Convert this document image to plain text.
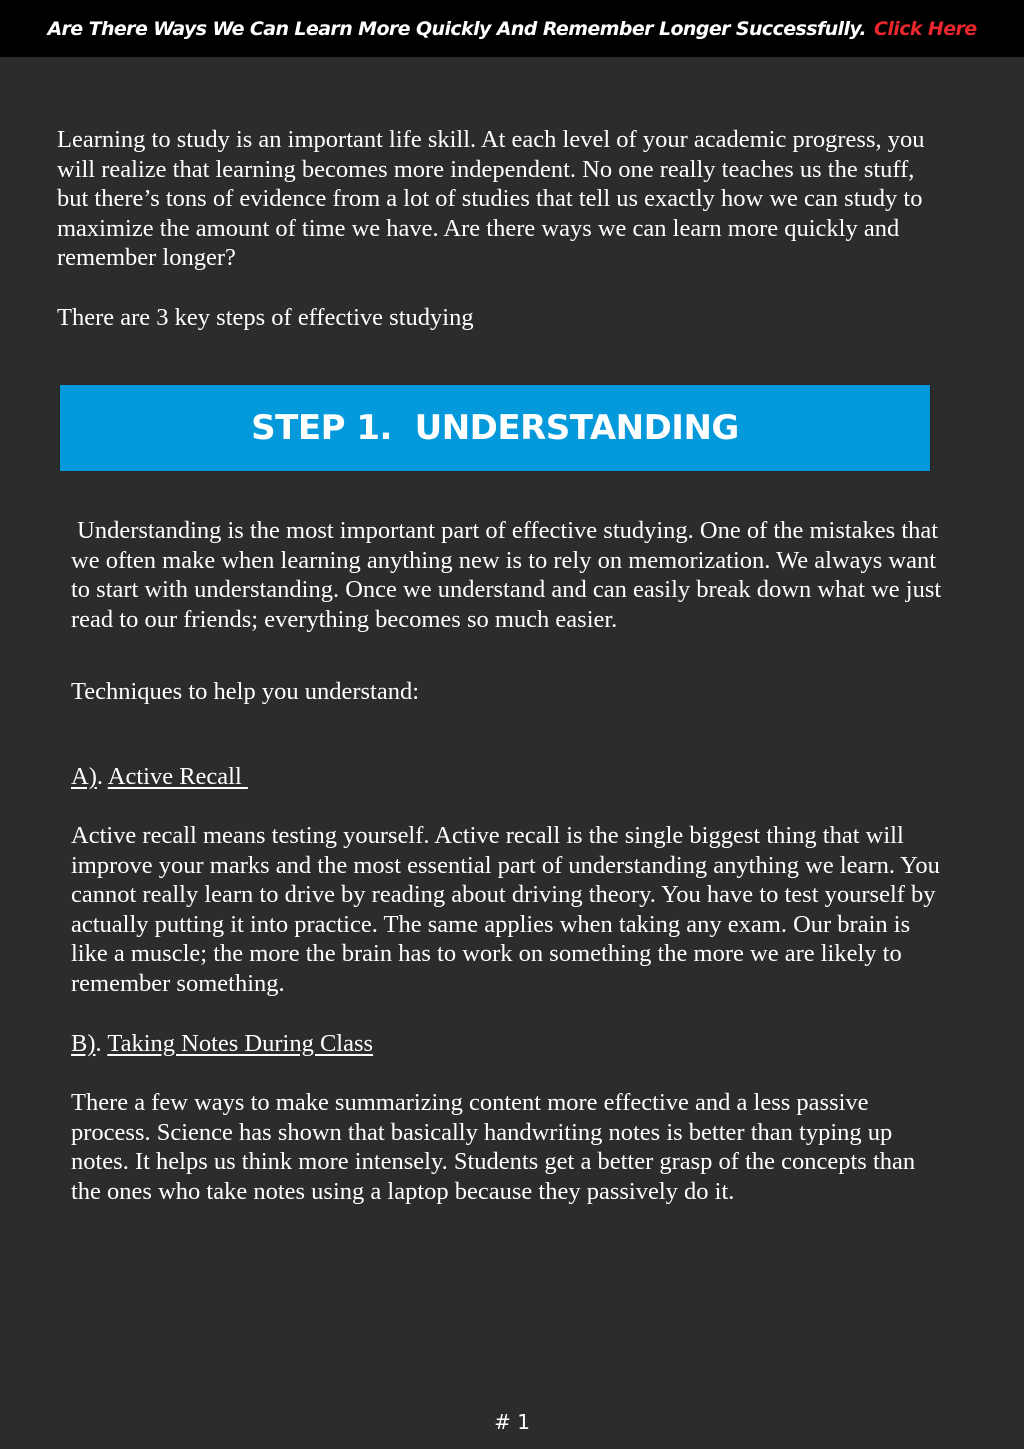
Are There Ways We Can Learn More Quickly And Remember Longer Successfully. Click Here

Learning to study is an important life skill. At each level of your academic progress, you will realize that learning becomes more independent. No one really teaches us the stuff, but there’s tons of evidence from a lot of studies that tell us exactly how we can study to maximize the amount of time we have. Are there ways we can learn more quickly and remember longer?

There are 3 key steps of effective studying

STEP 1.  UNDERSTANDING

Understanding is the most important part of effective studying. One of the mistakes that we often make when learning anything new is to rely on memorization. We always want to start with understanding. Once we understand and can easily break down what we just read to our friends; everything becomes so much easier.

Techniques to help you understand:

A). Active Recall

Active recall means testing yourself. Active recall is the single biggest thing that will improve your marks and the most essential part of understanding anything we learn. You cannot really learn to drive by reading about driving theory. You have to test yourself by actually putting it into practice. The same applies when taking any exam. Our brain is like a muscle; the more the brain has to work on something the more we are likely to remember something.

B). Taking Notes During Class

There a few ways to make summarizing content more effective and a less passive process. Science has shown that basically handwriting notes is better than typing up notes. It helps us think more intensely. Students get a better grasp of the concepts than the ones who take notes using a laptop because they passively do it.

# 1
